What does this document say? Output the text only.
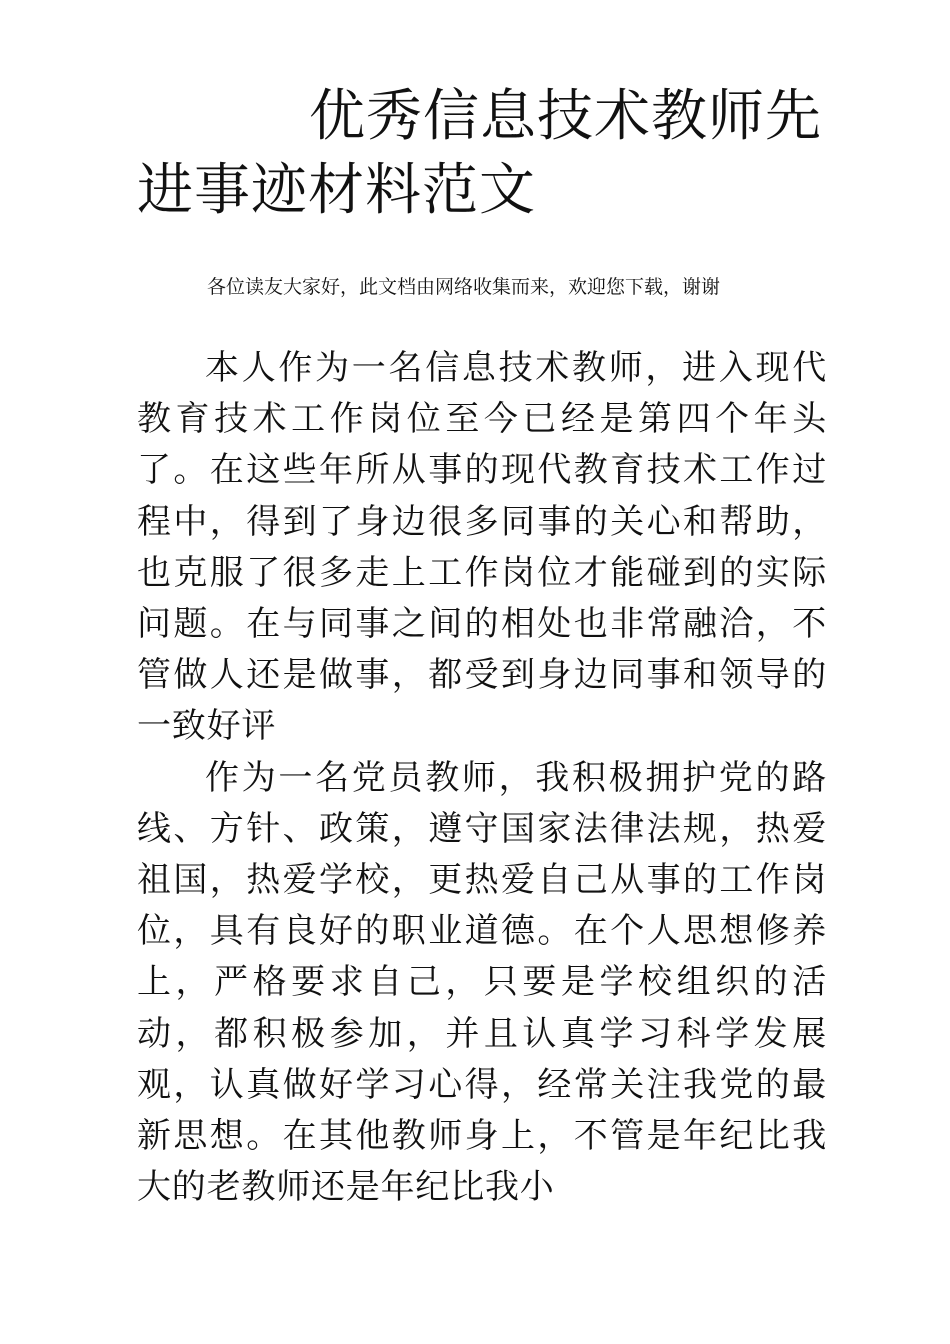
优秀信息技术教师先进事迹材料范文

各位读友大家好，此文档由网络收集而来，欢迎您下载，谢谢

本人作为一名信息技术教师，进入现代教育技术工作岗位至今已经是第四个年头了。在这些年所从事的现代教育技术工作过程中，得到了身边很多同事的关心和帮助，也克服了很多走上工作岗位才能碰到的实际问题。在与同事之间的相处也非常融洽，不管做人还是做事，都受到身边同事和领导的一致好评

作为一名党员教师，我积极拥护党的路线、方针、政策，遵守国家法律法规，热爱祖国，热爱学校，更热爱自己从事的工作岗位，具有良好的职业道德。在个人思想修养上，严格要求自己，只要是学校组织的活动，都积极参加，并且认真学习科学发展观，认真做好学习心得，经常关注我党的最新思想。在其他教师身上，不管是年纪比我大的老教师还是年纪比我小
